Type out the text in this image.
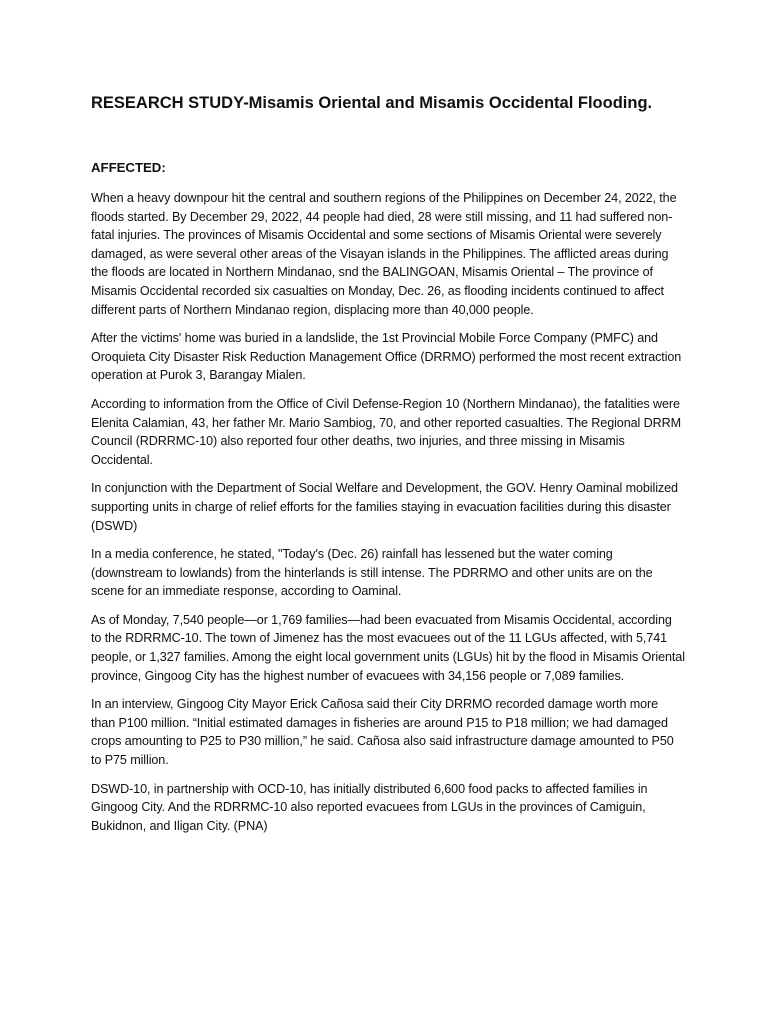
RESEARCH STUDY-Misamis Oriental and Misamis Occidental Flooding.
AFFECTED:

When a heavy downpour hit the central and southern regions of the Philippines on December 24, 2022, the floods started. By December 29, 2022, 44 people had died, 28 were still missing, and 11 had suffered non-fatal injuries. The provinces of Misamis Occidental and some sections of Misamis Oriental were severely damaged, as were several other areas of the Visayan islands in the Philippines. The afflicted areas during the floods are located in Northern Mindanao, snd the BALINGOAN, Misamis Oriental – The province of Misamis Occidental recorded six casualties on Monday, Dec. 26, as flooding incidents continued to affect different parts of Northern Mindanao region, displacing more than 40,000 people.

After the victims' home was buried in a landslide, the 1st Provincial Mobile Force Company (PMFC) and Oroquieta City Disaster Risk Reduction Management Office (DRRMO) performed the most recent extraction operation at Purok 3, Barangay Mialen.

According to information from the Office of Civil Defense-Region 10 (Northern Mindanao), the fatalities were Elenita Calamian, 43, her father Mr. Mario Sambiog, 70, and other reported casualties. The Regional DRRM Council (RDRRMC-10) also reported four other deaths, two injuries, and three missing in Misamis Occidental.

In conjunction with the Department of Social Welfare and Development, the GOV. Henry Oaminal mobilized supporting units in charge of relief efforts for the families staying in evacuation facilities during this disaster (DSWD)

In a media conference, he stated, "Today's (Dec. 26) rainfall has lessened but the water coming (downstream to lowlands) from the hinterlands is still intense. The PDRRMO and other units are on the scene for an immediate response, according to Oaminal.

As of Monday, 7,540 people—or 1,769 families—had been evacuated from Misamis Occidental, according to the RDRRMC-10. The town of Jimenez has the most evacuees out of the 11 LGUs affected, with 5,741 people, or 1,327 families. Among the eight local government units (LGUs) hit by the flood in Misamis Oriental province, Gingoog City has the highest number of evacuees with 34,156 people or 7,089 families.

In an interview, Gingoog City Mayor Erick Cañosa said their City DRRMO recorded damage worth more than P100 million. “Initial estimated damages in fisheries are around P15 to P18 million; we had damaged crops amounting to P25 to P30 million,” he said. Cañosa also said infrastructure damage amounted to P50 to P75 million.

DSWD-10, in partnership with OCD-10, has initially distributed 6,600 food packs to affected families in Gingoog City. And the RDRRMC-10 also reported evacuees from LGUs in the provinces of Camiguin, Bukidnon, and Iligan City. (PNA)
